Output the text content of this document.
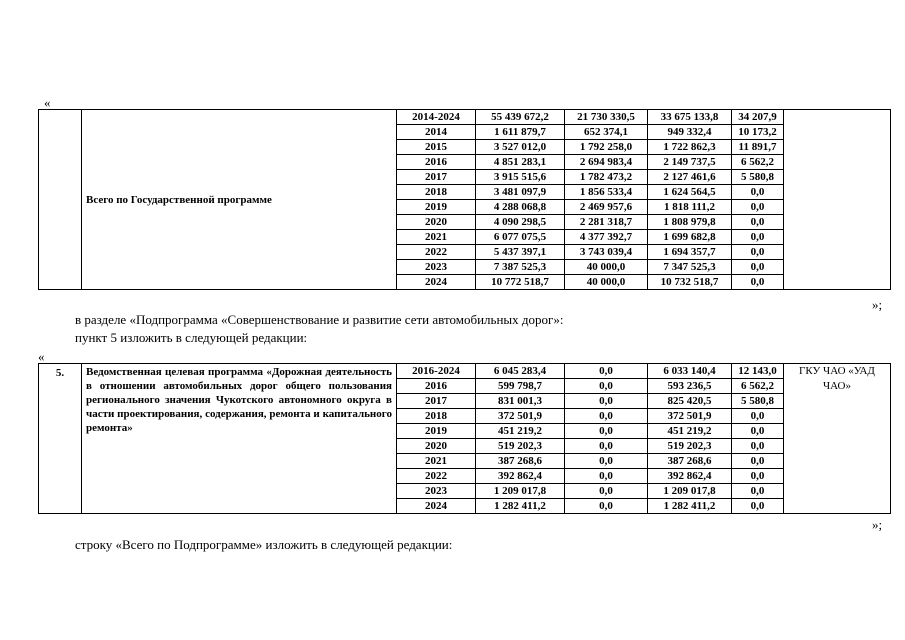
«
	Всего по Государственной программе	2014-2024	55 439 672,2	21 730 330,5	33 675 133,8	34 207,9	
		2014	1 611 879,7	652 374,1	949 332,4	10 173,2	
		2015	3 527 012,0	1 792 258,0	1 722 862,3	11 891,7	
		2016	4 851 283,1	2 694 983,4	2 149 737,5	6 562,2	
		2017	3 915 515,6	1 782 473,2	2 127 461,6	5 580,8	
		2018	3 481 097,9	1 856 533,4	1 624 564,5	0,0	
		2019	4 288 068,8	2 469 957,6	1 818 111,2	0,0	
		2020	4 090 298,5	2 281 318,7	1 808 979,8	0,0	
		2021	6 077 075,5	4 377 392,7	1 699 682,8	0,0	
		2022	5 437 397,1	3 743 039,4	1 694 357,7	0,0	
		2023	7 387 525,3	40 000,0	7 347 525,3	0,0	
		2024	10 772 518,7	40 000,0	10 732 518,7	0,0	
»;
в разделе «Подпрограмма «Совершенствование и развитие сети автомобильных дорог»:
пункт 5 изложить в следующей редакции:
«
5.	Ведомственная целевая программа «Дорожная деятельность в отношении автомобильных дорог общего пользования регионального значения Чукотского автономного округа в части проектирования, содержания, ремонта и капитального ремонта»	2016-2024	6 045 283,4	0,0	6 033 140,4	12 143,0	ГКУ ЧАО «УАД ЧАО»
		2016	599 798,7	0,0	593 236,5	6 562,2	
		2017	831 001,3	0,0	825 420,5	5 580,8	
		2018	372 501,9	0,0	372 501,9	0,0	
		2019	451 219,2	0,0	451 219,2	0,0	
		2020	519 202,3	0,0	519 202,3	0,0	
		2021	387 268,6	0,0	387 268,6	0,0	
		2022	392 862,4	0,0	392 862,4	0,0	
		2023	1 209 017,8	0,0	1 209 017,8	0,0	
		2024	1 282 411,2	0,0	1 282 411,2	0,0	
»;
строку «Всего по Подпрограмме» изложить в следующей редакции:
